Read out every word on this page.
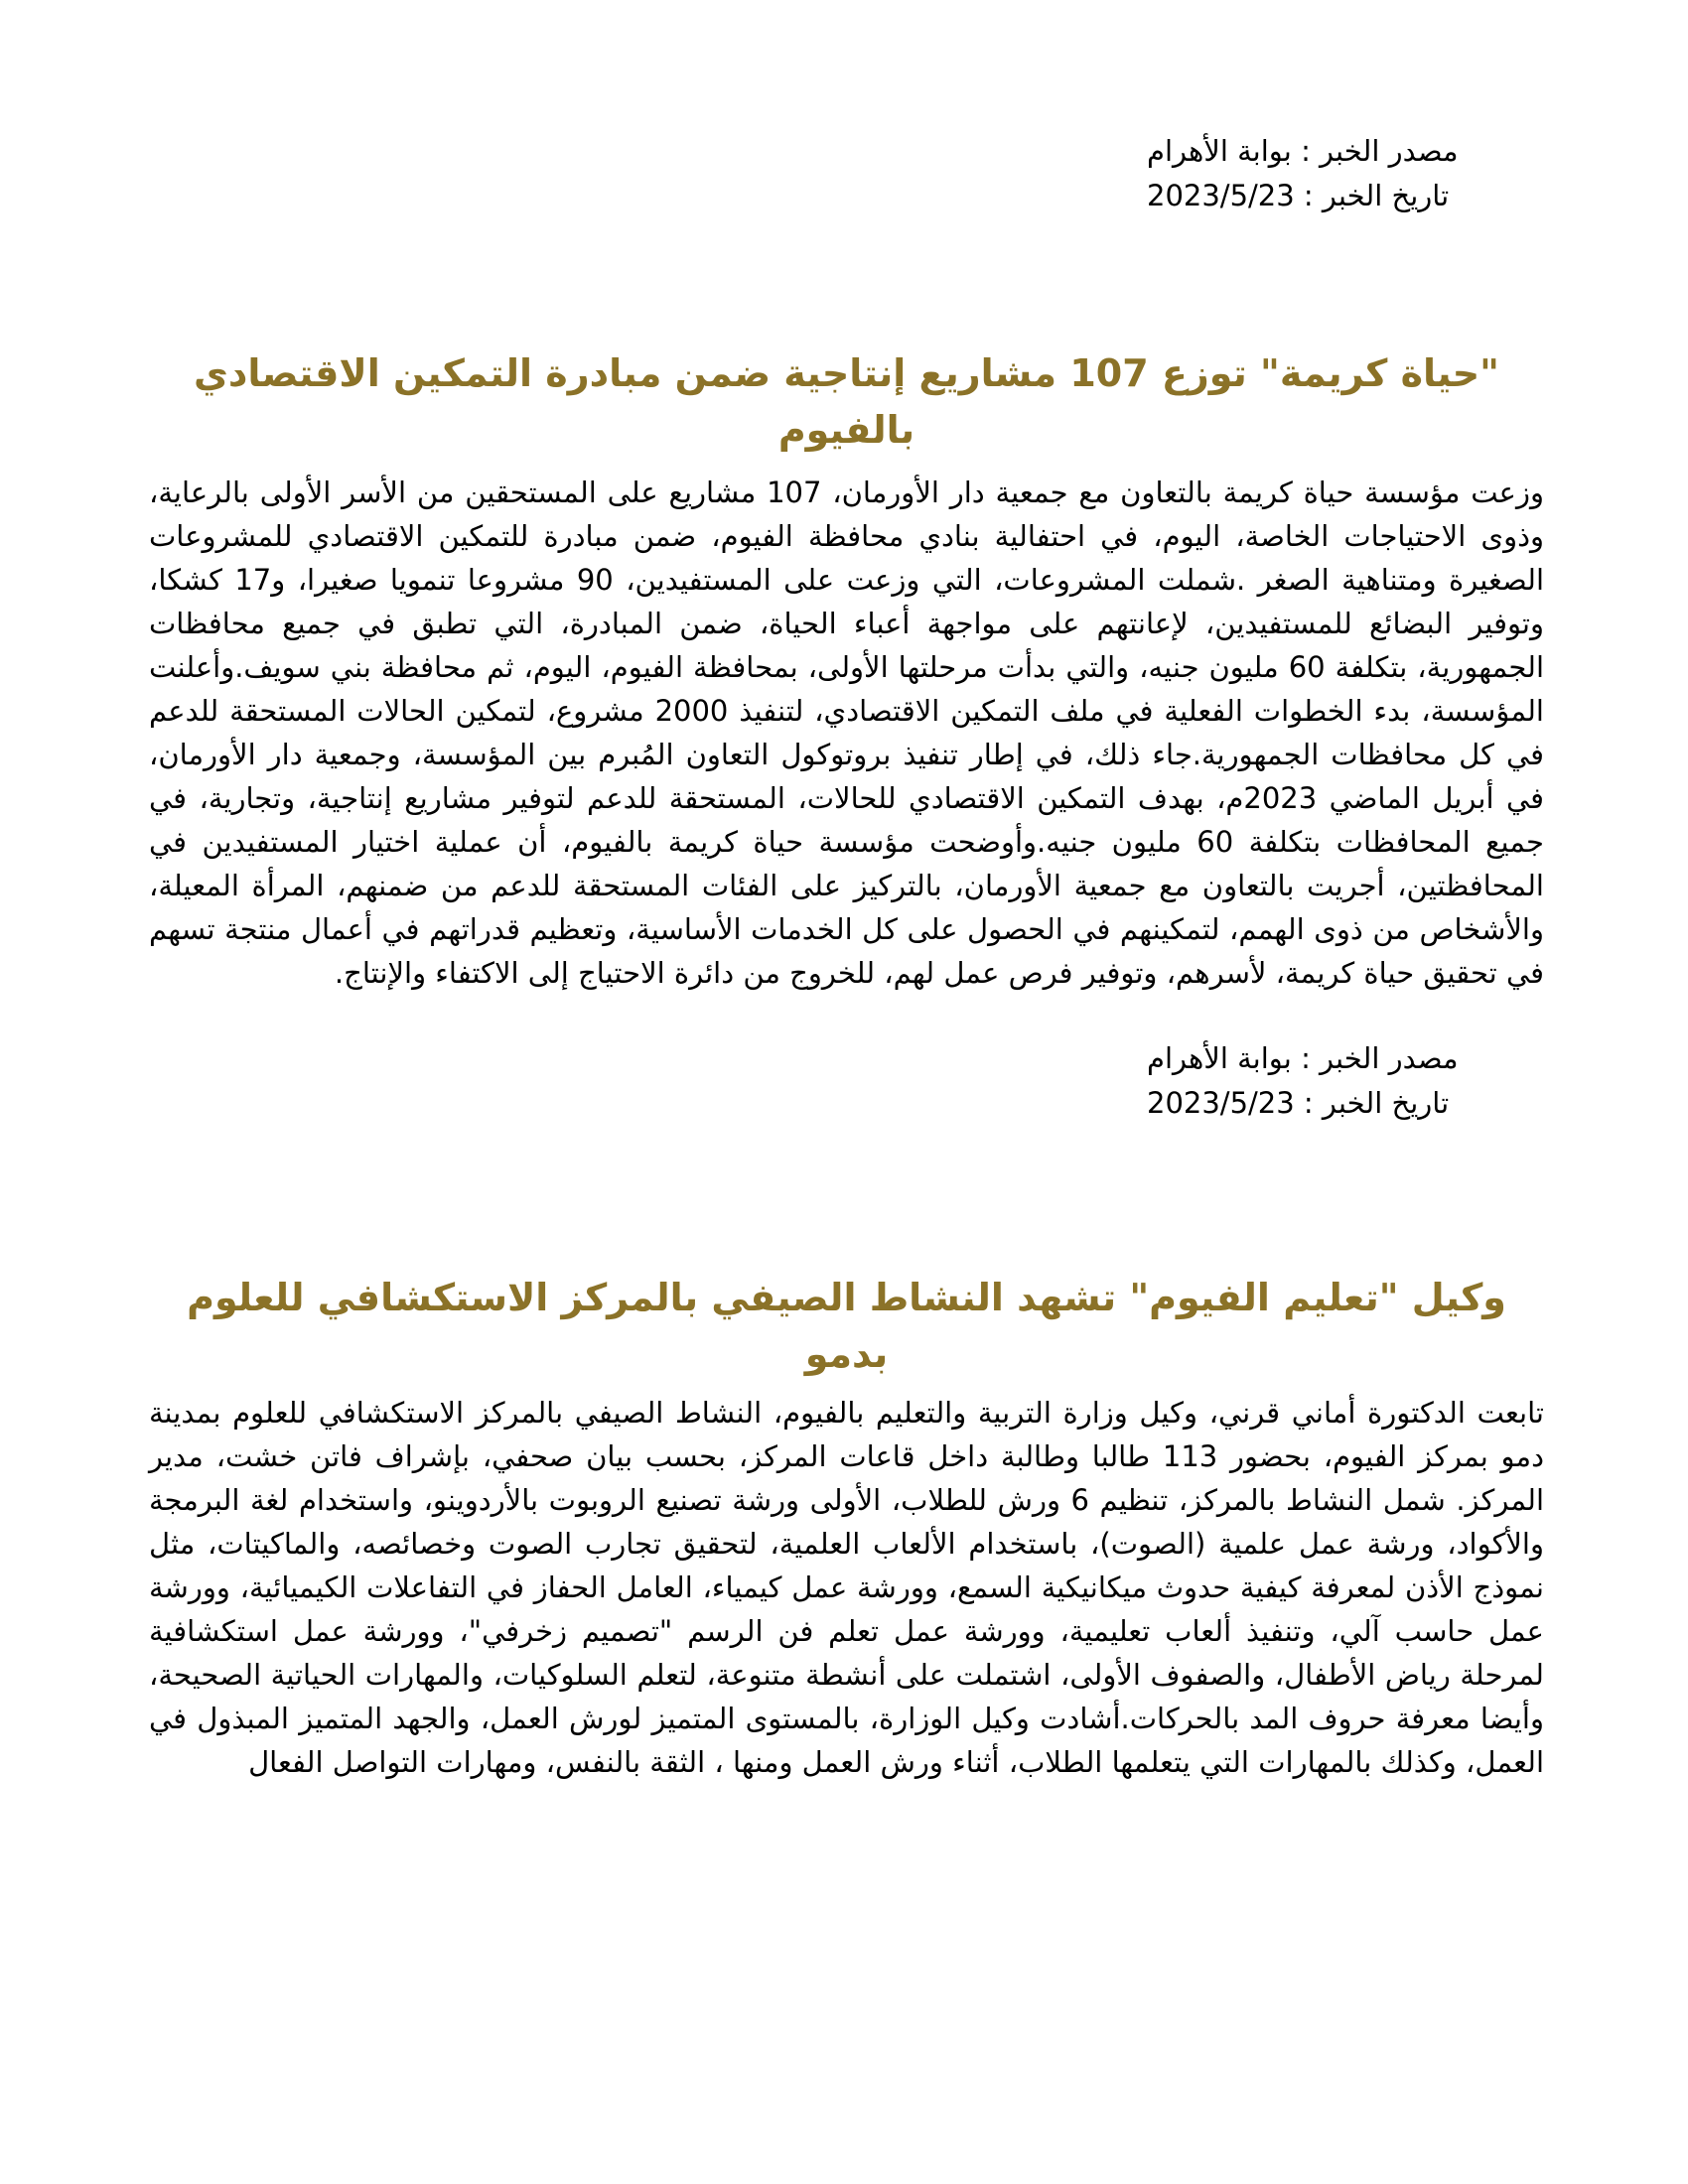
مصدر الخبر : بوابة الأهرام
تاريخ الخبر : 2023/5/23
"حياة كريمة" توزع 107 مشاريع إنتاجية ضمن مبادرة التمكين الاقتصادي بالفيوم

وزعت مؤسسة حياة كريمة بالتعاون مع جمعية دار الأورمان، 107 مشاريع على المستحقين من الأسر الأولى بالرعاية، وذوى الاحتياجات الخاصة، اليوم، في احتفالية بنادي محافظة الفيوم، ضمن مبادرة للتمكين الاقتصادي للمشروعات الصغيرة ومتناهية الصغر .شملت المشروعات، التي وزعت على المستفيدين، 90 مشروعا تنمويا صغيرا، و17 كشكا، وتوفير البضائع للمستفيدين، لإعانتهم على مواجهة أعباء الحياة، ضمن المبادرة، التي تطبق في جميع محافظات الجمهورية، بتكلفة 60 مليون جنيه، والتي بدأت مرحلتها الأولى، بمحافظة الفيوم، اليوم، ثم محافظة بني سويف.وأعلنت المؤسسة، بدء الخطوات الفعلية في ملف التمكين الاقتصادي، لتنفيذ 2000 مشروع، لتمكين الحالات المستحقة للدعم في كل محافظات الجمهورية.جاء ذلك، في إطار تنفيذ بروتوكول التعاون المُبرم بين المؤسسة، وجمعية دار الأورمان، في أبريل الماضي 2023م، بهدف التمكين الاقتصادي للحالات، المستحقة للدعم لتوفير مشاريع إنتاجية، وتجارية، في جميع المحافظات بتكلفة 60 مليون جنيه.وأوضحت مؤسسة حياة كريمة بالفيوم، أن عملية اختيار المستفيدين في المحافظتين، أجريت بالتعاون مع جمعية الأورمان، بالتركيز على الفئات المستحقة للدعم من ضمنهم، المرأة المعيلة، والأشخاص من ذوى الهمم، لتمكينهم في الحصول على كل الخدمات الأساسية، وتعظيم قدراتهم في أعمال منتجة تسهم في تحقيق حياة كريمة، لأسرهم، وتوفير فرص عمل لهم، للخروج من دائرة الاحتياج إلى الاكتفاء والإنتاج.

مصدر الخبر : بوابة الأهرام
تاريخ الخبر : 2023/5/23
وكيل "تعليم الفيوم" تشهد النشاط الصيفي بالمركز الاستكشافي للعلوم بدمو

تابعت الدكتورة أماني قرني، وكيل وزارة التربية والتعليم بالفيوم، النشاط الصيفي بالمركز الاستكشافي للعلوم بمدينة دمو بمركز الفيوم، بحضور 113 طالبا وطالبة داخل قاعات المركز، بحسب بيان صحفي، بإشراف فاتن خشت، مدير المركز. شمل النشاط بالمركز، تنظيم 6 ورش للطلاب، الأولى ورشة تصنيع الروبوت بالأردوينو، واستخدام لغة البرمجة والأكواد، ورشة عمل علمية (الصوت)، باستخدام الألعاب العلمية، لتحقيق تجارب الصوت وخصائصه، والماكيتات، مثل نموذج الأذن لمعرفة كيفية حدوث ميكانيكية السمع، وورشة عمل كيمياء، العامل الحفاز في التفاعلات الكيميائية، وورشة عمل حاسب آلي، وتنفيذ ألعاب تعليمية، وورشة عمل تعلم فن الرسم "تصميم زخرفي"، وورشة عمل استكشافية لمرحلة رياض الأطفال، والصفوف الأولى، اشتملت على أنشطة متنوعة، لتعلم السلوكيات، والمهارات الحياتية الصحيحة، وأيضا معرفة حروف المد بالحركات.أشادت وكيل الوزارة، بالمستوى المتميز لورش العمل، والجهد المتميز المبذول في العمل، وكذلك بالمهارات التي يتعلمها الطلاب، أثناء ورش العمل ومنها ، الثقة بالنفس، ومهارات التواصل الفعال
